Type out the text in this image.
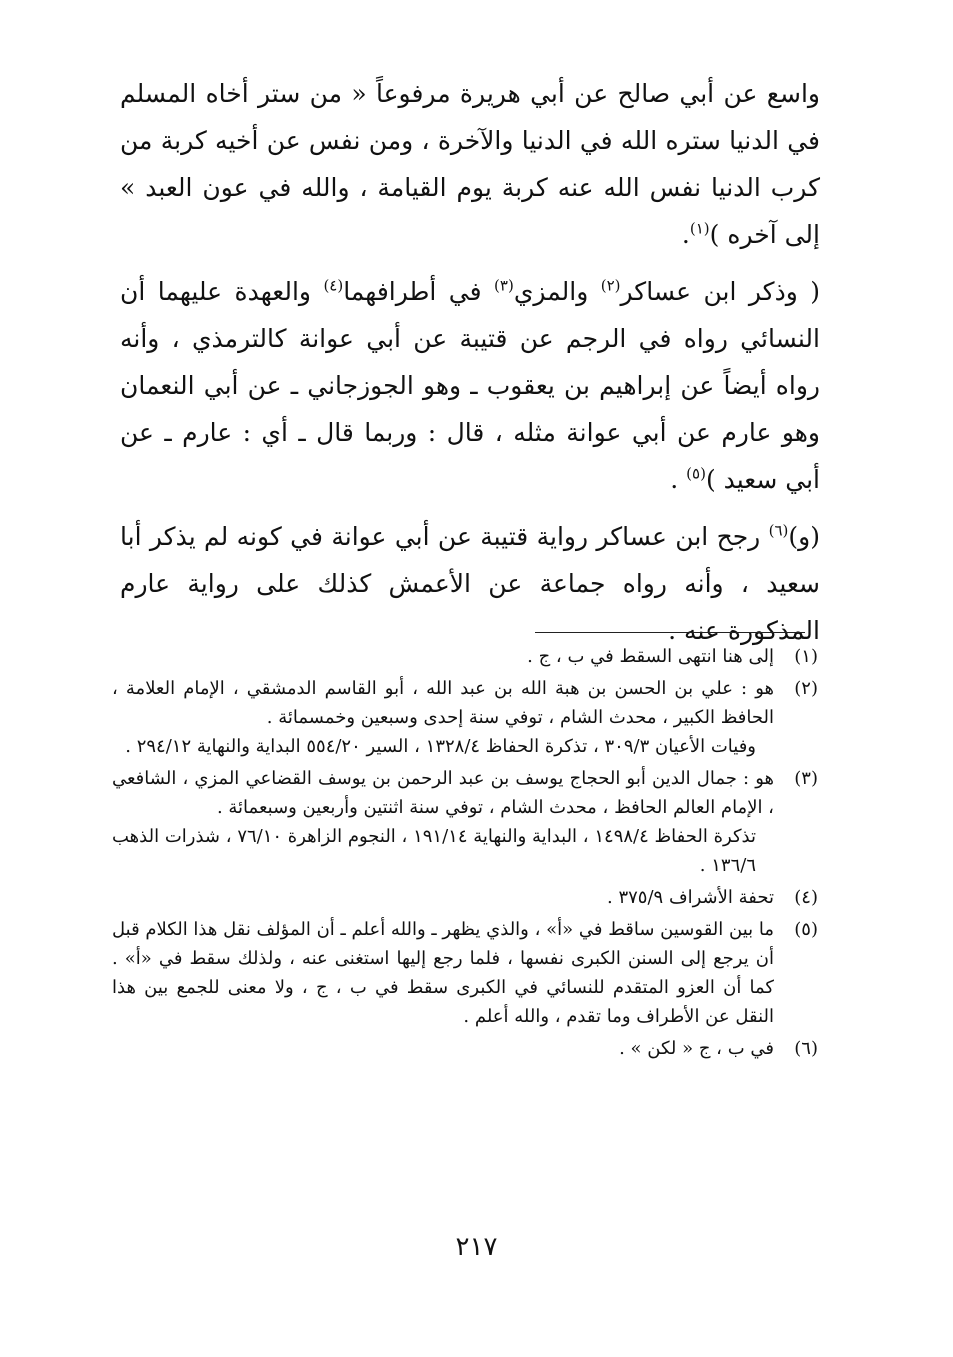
واسع عن أبي صالح عن أبي هريرة مرفوعاً « من ستر أخاه المسلم في الدنيا ستره الله في الدنيا والآخرة ، ومن نفس عن أخيه كربة من كرب الدنيا نفس الله عنه كربة يوم القيامة ، والله في عون العبد » إلى آخره )$^{(١)}$.

( وذكر ابن عساكر$^{(٢)}$ والمزي$^{(٣)}$ في أطرافهما$^{(٤)}$ والعهدة عليهما أن النسائي رواه في الرجم عن قتيبة عن أبي عوانة كالترمذي ، وأنه رواه أيضاً عن إبراهيم بن يعقوب ـ وهو الجوزجاني ـ عن أبي النعمان وهو عارم عن أبي عوانة مثله ، قال : وربما قال ـ أي : عارم ـ عن أبي سعيد )$^{(٥)}$ .

(و)$^{(٦)}$ رجح ابن عساكر رواية قتيبة عن أبي عوانة في كونه لم يذكر أبا سعيد ، وأنه رواه جماعة عن الأعمش كذلك على رواية عارم المذكورة عنه .

(١)
إلى هنا انتهى السقط في ب ، ج .
(٢)
هو : علي بن الحسن بن هبة الله بن عبد الله ، أبو القاسم الدمشقي ، الإمام العلامة ، الحافظ الكبير ، محدث الشام ، توفي سنة إحدى وسبعين وخمسمائة .
وفيات الأعيان ٣٠٩/٣ ، تذكرة الحفاظ ١٣٢٨/٤ ، السير ٥٥٤/٢٠ البداية والنهاية ٢٩٤/١٢ .
(٣)
هو : جمال الدين أبو الحجاج يوسف بن عبد الرحمن بن يوسف القضاعي المزي ، الشافعي ، الإمام العالم الحافظ ، محدث الشام ، توفي سنة اثنتين وأربعين وسبعمائة .
تذكرة الحفاظ ١٤٩٨/٤ ، البداية والنهاية ١٩١/١٤ ، النجوم الزاهرة ٧٦/١٠ ، شذرات الذهب ١٣٦/٦ .
(٤)
تحفة الأشراف ٣٧٥/٩ .
(٥)
ما بين القوسين ساقط في «أ» ، والذي يظهر ـ والله أعلم ـ أن المؤلف نقل هذا الكلام قبل أن يرجع إلى السنن الكبرى نفسها ، فلما رجع إليها استغنى عنه ، ولذلك سقط في «أ» . كما أن العزو المتقدم للنسائي في الكبرى سقط في ب ، ج ، ولا معنى للجمع بين هذا النقل عن الأطراف وما تقدم ، والله أعلم .
(٦)
في ب ، ج « لكن » .
٢١٧
